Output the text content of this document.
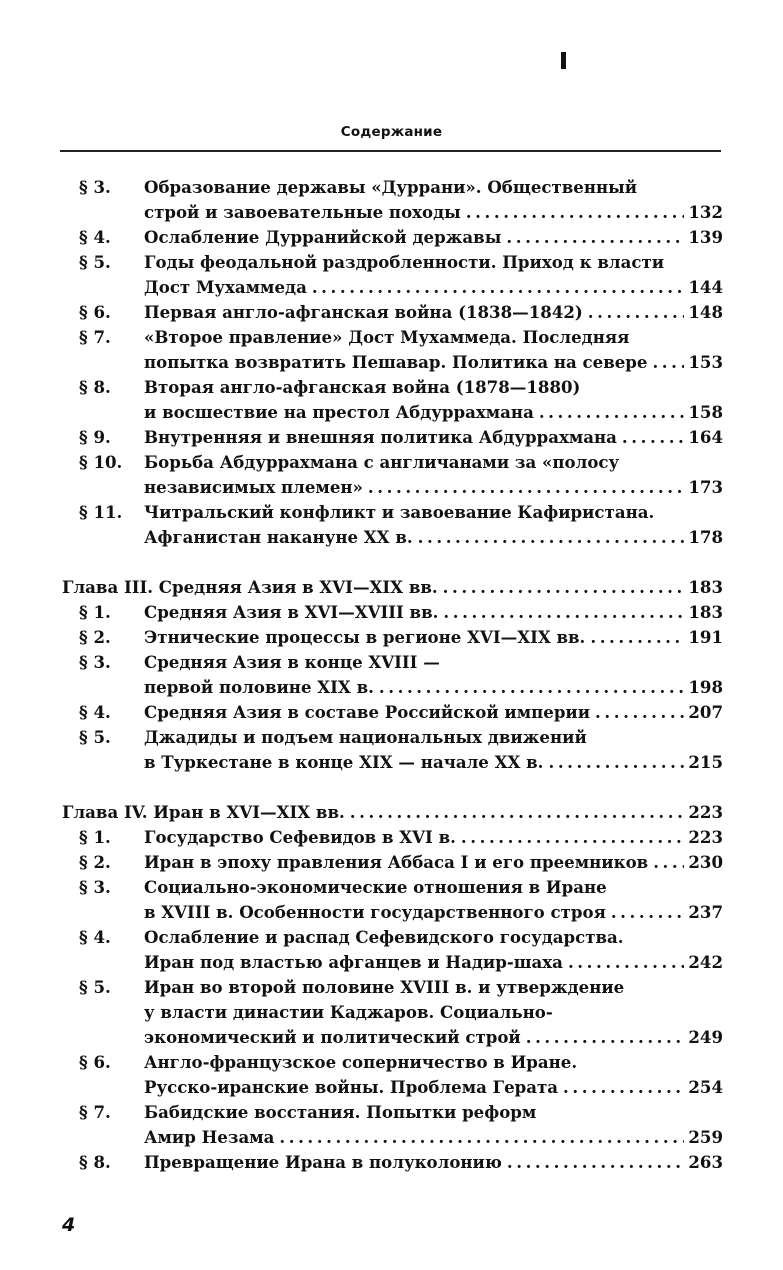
Содержание
§ 3.	Образование державы «Дуррани». Общественный
строй и завоевательные походы . . .	132
§ 4.	Ослабление Дурранийской державы . . .	139
§ 5.	Годы феодальной раздробленности. Приход к власти
Дост Мухаммеда . . .	144
§ 6.	Первая англо-афганская война (1838—1842) . . .	148
§ 7.	«Второе правление» Дост Мухаммеда. Последняя
попытка возвратить Пешавар. Политика на севере . . . 153
§ 8.	Вторая англо-афганская война (1878—1880)
и восшествие на престол Абдуррахмана . . .	158
§ 9.	Внутренняя и внешняя политика Абдуррахмана . . .	164
§ 10.	Борьба Абдуррахмана с англичанами за «полосу
независимых племен» . . .	173
§ 11.	Читральский конфликт и завоевание Кафиристана.
Афганистан накануне XX в. . . .	178
Глава III. Средняя Азия в XVI—XIX вв. . . .	183
§ 1.	Средняя Азия в XVI—XVIII вв. . . .	183
§ 2.	Этнические процессы в регионе XVI—XIX вв. . . .	191
§ 3.	Средняя Азия в конце XVIII —
первой половине XIX в. . . .	198
§ 4.	Средняя Азия в составе Российской империи . . .	207
§ 5.	Джадиды и подъем национальных движений
в Туркестане в конце XIX — начале XX в. . . .	215
Глава IV. Иран в XVI—XIX вв. . . .	223
§ 1.	Государство Сефевидов в XVI в. . . .	223
§ 2.	Иран в эпоху правления Аббаса I и его преемников . . . 230
§ 3.	Социально-экономические отношения в Иране
в XVIII в. Особенности государственного строя . . .	237
§ 4.	Ослабление и распад Сефевидского государства.
Иран под властью афганцев и Надир-шаха . . .	242
§ 5.	Иран во второй половине XVIII в. и утверждение
у власти династии Каджаров. Социально-
экономический и политический строй . . .	249
§ 6.	Англо-французское соперничество в Иране.
Русско-иранские войны. Проблема Герата . . .	254
§ 7.	Бабидские восстания. Попытки реформ
Амир Незама . . .	259
§ 8.	Превращение Ирана в полуколонию . . .	263
4
